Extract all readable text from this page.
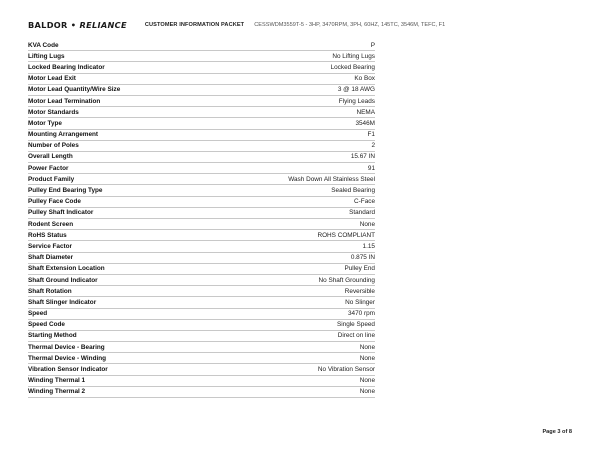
BALDOR • RELIANCE	CUSTOMER INFORMATION PACKET CESSWDM3559T-5 - 3HP, 3470RPM, 3PH, 60HZ, 145TC, 3546M, TEFC, F1
KVA Code	P
Lifting Lugs	No Lifting Lugs
Locked Bearing Indicator	Locked Bearing
Motor Lead Exit	Ko Box
Motor Lead Quantity/Wire Size	3 @ 18 AWG
Motor Lead Termination	Flying Leads
Motor Standards	NEMA
Motor Type	3546M
Mounting Arrangement	F1
Number of Poles	2
Overall Length	15.67 IN
Power Factor	91
Product Family	Wash Down All Stainless Steel
Pulley End Bearing Type	Sealed Bearing
Pulley Face Code	C-Face
Pulley Shaft Indicator	Standard
Rodent Screen	None
RoHS Status	ROHS COMPLIANT
Service Factor	1.15
Shaft Diameter	0.875 IN
Shaft Extension Location	Pulley End
Shaft Ground Indicator	No Shaft Grounding
Shaft Rotation	Reversible
Shaft Slinger Indicator	No Slinger
Speed	3470 rpm
Speed Code	Single Speed
Starting Method	Direct on line
Thermal Device - Bearing	None
Thermal Device - Winding	None
Vibration Sensor Indicator	No Vibration Sensor
Winding Thermal 1	None
Winding Thermal 2	None
Page 3 of 8
